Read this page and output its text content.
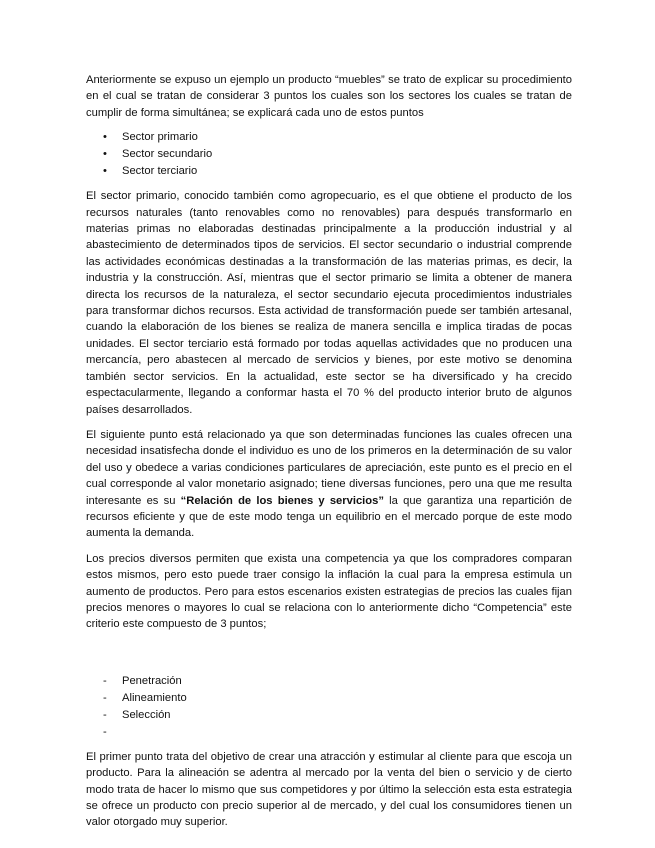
Anteriormente se expuso un ejemplo un producto “muebles” se trato de explicar su procedimiento en el cual se tratan de considerar 3 puntos los cuales son los sectores los cuales se tratan de cumplir de forma simultánea; se explicará cada uno de estos puntos

• Sector primario
• Sector secundario
• Sector terciario

El sector primario, conocido también como agropecuario, es el que obtiene el producto de los recursos naturales (tanto renovables como no renovables) para después transformarlo en materias primas no elaboradas destinadas principalmente a la producción industrial y al abastecimiento de determinados tipos de servicios. El sector secundario o industrial comprende las actividades económicas destinadas a la transformación de las materias primas, es decir, la industria y la construcción. Así, mientras que el sector primario se limita a obtener de manera directa los recursos de la naturaleza, el sector secundario ejecuta procedimientos industriales para transformar dichos recursos. Esta actividad de transformación puede ser también artesanal, cuando la elaboración de los bienes se realiza de manera sencilla e implica tiradas de pocas unidades. El sector terciario está formado por todas aquellas actividades que no producen una mercancía, pero abastecen al mercado de servicios y bienes, por este motivo se denomina también sector servicios. En la actualidad, este sector se ha diversificado y ha crecido espectacularmente, llegando a conformar hasta el 70 % del producto interior bruto de algunos países desarrollados.

El siguiente punto está relacionado ya que son determinadas funciones las cuales ofrecen una necesidad insatisfecha donde el individuo es uno de los primeros en la determinación de su valor del uso y obedece a varias condiciones particulares de apreciación, este punto es el precio en el cual corresponde al valor monetario asignado; tiene diversas funciones, pero una que me resulta interesante es su “Relación de los bienes y servicios” la que garantiza una repartición de recursos eficiente y que de este modo tenga un equilibrio en el mercado porque de este modo aumenta la demanda.

Los precios diversos permiten que exista una competencia ya que los compradores comparan estos mismos, pero esto puede traer consigo la inflación la cual para la empresa estimula un aumento de productos. Pero para estos escenarios existen estrategias de precios las cuales fijan precios menores o mayores lo cual se relaciona con lo anteriormente dicho “Competencia” este criterio este compuesto de 3 puntos;

- Penetración
- Alineamiento
- Selección
-

El primer punto trata del objetivo de crear una atracción y estimular al cliente para que escoja un producto. Para la alineación se adentra al mercado por la venta del bien o servicio y de cierto modo trata de hacer lo mismo que sus competidores y por último la selección esta esta estrategia se ofrece un producto con precio superior al de mercado, y del cual los consumidores tienen un valor otorgado muy superior.
